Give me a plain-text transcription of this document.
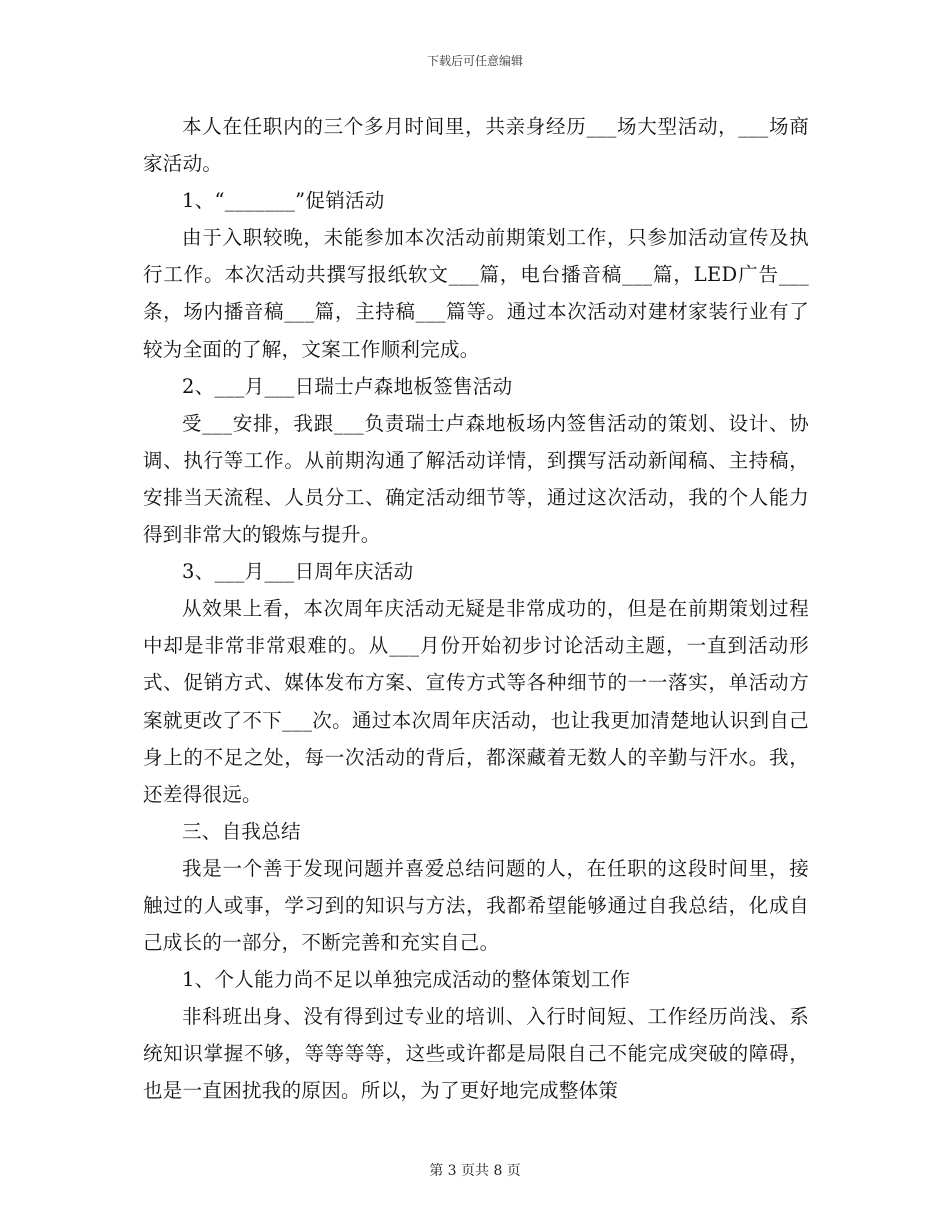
下载后可任意编辑

本人在任职内的三个多月时间里，共亲身经历___场大型活动，___场商家活动。

1、“_______”促销活动

由于入职较晚，未能参加本次活动前期策划工作，只参加活动宣传及执行工作。本次活动共撰写报纸软文___篇，电台播音稿___篇，LED广告___条，场内播音稿___篇，主持稿___篇等。通过本次活动对建材家装行业有了较为全面的了解，文案工作顺利完成。

2、___月___日瑞士卢森地板签售活动

受___安排，我跟___负责瑞士卢森地板场内签售活动的策划、设计、协调、执行等工作。从前期沟通了解活动详情，到撰写活动新闻稿、主持稿，安排当天流程、人员分工、确定活动细节等，通过这次活动，我的个人能力得到非常大的锻炼与提升。

3、___月___日周年庆活动

从效果上看，本次周年庆活动无疑是非常成功的，但是在前期策划过程中却是非常非常艰难的。从___月份开始初步讨论活动主题，一直到活动形式、促销方式、媒体发布方案、宣传方式等各种细节的一一落实，单活动方案就更改了不下___次。通过本次周年庆活动，也让我更加清楚地认识到自己身上的不足之处，每一次活动的背后，都深藏着无数人的辛勤与汗水。我，还差得很远。

三、自我总结

我是一个善于发现问题并喜爱总结问题的人，在任职的这段时间里，接触过的人或事，学习到的知识与方法，我都希望能够通过自我总结，化成自己成长的一部分，不断完善和充实自己。

1、个人能力尚不足以单独完成活动的整体策划工作

非科班出身、没有得到过专业的培训、入行时间短、工作经历尚浅、系统知识掌握不够，等等等等，这些或许都是局限自己不能完成突破的障碍，也是一直困扰我的原因。所以，为了更好地完成整体策

第 3 页共 8 页
